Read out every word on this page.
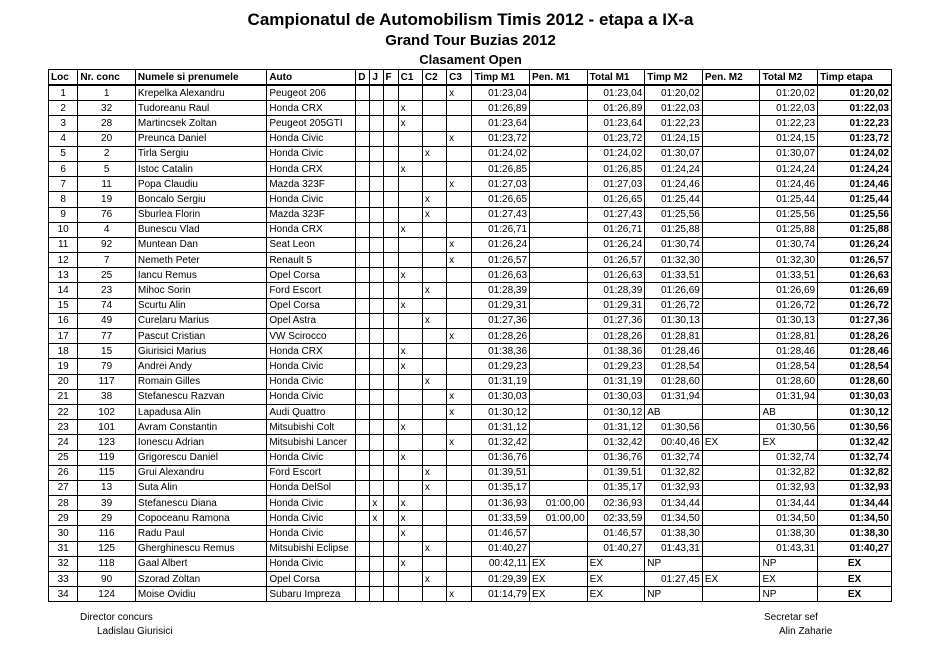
Campionatul de Automobilism Timis 2012 - etapa a IX-a
Grand Tour Buzias 2012
Clasament Open
Loc	Nr. conc	Numele si prenumele	Auto	D	J	F	C1	C2	C3	Timp M1	Pen. M1	Total M1	Timp M2	Pen. M2	Total M2	Timp etapa
1	1	Krepelka Alexandru	Peugeot 206						x	01:23,04		01:23,04	01:20,02		01:20,02	01:20,02
2	32	Tudoreanu Raul	Honda CRX				x			01:26,89		01:26,89	01:22,03		01:22,03	01:22,03
3	28	Martincsek Zoltan	Peugeot 205GTI				x			01:23,64		01:23,64	01:22,23		01:22,23	01:22,23
4	20	Preunca Daniel	Honda Civic						x	01:23,72		01:23,72	01:24,15		01:24,15	01:23,72
5	2	Tirla Sergiu	Honda Civic					x		01:24,02		01:24,02	01:30,07		01:30,07	01:24,02
6	5	Istoc Catalin	Honda CRX				x			01:26,85		01:26,85	01:24,24		01:24,24	01:24,24
7	11	Popa Claudiu	Mazda 323F						x	01:27,03		01:27,03	01:24,46		01:24,46	01:24,46
8	19	Boncalo Sergiu	Honda Civic					x		01:26,65		01:26,65	01:25,44		01:25,44	01:25,44
9	76	Sburlea Florin	Mazda 323F					x		01:27,43		01:27,43	01:25,56		01:25,56	01:25,56
10	4	Bunescu Vlad	Honda CRX				x			01:26,71		01:26,71	01:25,88		01:25,88	01:25,88
11	92	Muntean Dan	Seat Leon						x	01:26,24		01:26,24	01:30,74		01:30,74	01:26,24
12	7	Nemeth Peter	Renault 5						x	01:26,57		01:26,57	01:32,30		01:32,30	01:26,57
13	25	Iancu Remus	Opel Corsa				x			01:26,63		01:26,63	01:33,51		01:33,51	01:26,63
14	23	Mihoc Sorin	Ford Escort					x		01:28,39		01:28,39	01:26,69		01:26,69	01:26,69
15	74	Scurtu Alin	Opel Corsa				x			01:29,31		01:29,31	01:26,72		01:26,72	01:26,72
16	49	Curelaru Marius	Opel Astra					x		01:27,36		01:27,36	01:30,13		01:30,13	01:27,36
17	77	Pascut Cristian	VW Scirocco						x	01:28,26		01:28,26	01:28,81		01:28,81	01:28,26
18	15	Giurisici Marius	Honda CRX				x			01:38,36		01:38,36	01:28,46		01:28,46	01:28,46
19	79	Andrei Andy	Honda Civic				x			01:29,23		01:29,23	01:28,54		01:28,54	01:28,54
20	117	Romain Gilles	Honda Civic					x		01:31,19		01:31,19	01:28,60		01:28,60	01:28,60
21	38	Stefanescu Razvan	Honda Civic						x	01:30,03		01:30,03	01:31,94		01:31,94	01:30,03
22	102	Lapadusa Alin	Audi Quattro						x	01:30,12		01:30,12	AB		AB	01:30,12
23	101	Avram Constantin	Mitsubishi Colt				x			01:31,12		01:31,12	01:30,56		01:30,56	01:30,56
24	123	Ionescu Adrian	Mitsubishi Lancer						x	01:32,42		01:32,42	00:40,46	EX	EX	01:32,42
25	119	Grigorescu Daniel	Honda Civic				x			01:36,76		01:36,76	01:32,74		01:32,74	01:32,74
26	115	Grui Alexandru	Ford Escort					x		01:39,51		01:39,51	01:32,82		01:32,82	01:32,82
27	13	Suta Alin	Honda DelSol					x		01:35,17		01:35,17	01:32,93		01:32,93	01:32,93
28	39	Stefanescu Diana	Honda Civic		x		x			01:36,93	01:00,00	02:36,93	01:34,44		01:34,44	01:34,44
29	29	Copoceanu Ramona	Honda Civic		x		x			01:33,59	01:00,00	02:33,59	01:34,50		01:34,50	01:34,50
30	116	Radu Paul	Honda Civic				x			01:46,57		01:46,57	01:38,30		01:38,30	01:38,30
31	125	Gherghinescu Remus	Mitsubishi Eclipse					x		01:40,27		01:40,27	01:43,31		01:43,31	01:40,27
32	118	Gaal Albert	Honda Civic				x			00:42,11	EX	EX	NP		NP	EX
33	90	Szorad Zoltan	Opel Corsa					x		01:29,39	EX	EX	01:27,45	EX	EX	EX
34	124	Moise Ovidiu	Subaru Impreza						x	01:14,79	EX	EX	NP		NP	EX
Director concurs
Ladislau Giurisici
Secretar sef
Alin Zaharie
